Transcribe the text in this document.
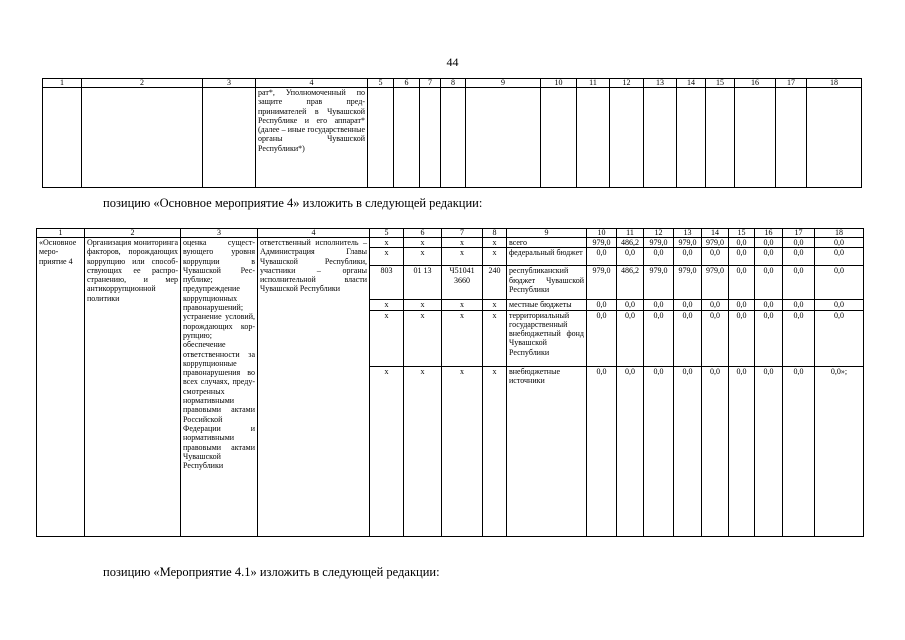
44
1	2	3	4	5	6	7	8	9	10	11	12	13	14	15	16	17	18
			рат*, Уполномоченный по защите прав предпринимателей в Чувашской Республике и его аппарат* (далее – иные государственные органы Чувашской Республики*)														
позицию «Основное мероприятие 4» изложить в следующей редакции:
1	2	3	4	5	6	7	8	9	10	11	12	13	14	15	16	17	18
«Основное мероприятие 4	Организация мониторинга факторов, порождающих коррупцию или способствующих ее распространению, и мер антикоррупционной политики	оценка существующего уровня коррупции в Чувашской Республике; предупреждение коррупционных правонарушений; устранение условий, порождающих коррупцию; обеспечение ответственности за коррупционные правонарушения во всех случаях, предусмотренных нормативными правовыми актами Российской Федерации и нормативными правовыми актами Чувашской Республики	ответственный исполнитель – Администрация Главы Чувашской Республики, участники – органы исполнительной власти Чувашской Республики	x	x	x	x	всего	979,0	486,2	979,0	979,0	979,0	0,0	0,0	0,0	0,0
				x	x	x	x	федеральный бюджет	0,0	0,0	0,0	0,0	0,0	0,0	0,0	0,0	0,0
				803	01 13	Ч51041 3660	240	республиканский бюджет Чувашской Республики	979,0	486,2	979,0	979,0	979,0	0,0	0,0	0,0	0,0
				x	x	x	x	местные бюджеты	0,0	0,0	0,0	0,0	0,0	0,0	0,0	0,0	0,0
				x	x	x	x	территориальный государственный внебюджетный фонд Чувашской Республики	0,0	0,0	0,0	0,0	0,0	0,0	0,0	0,0	0,0
				x	x	x	x	внебюджетные источники	0,0	0,0	0,0	0,0	0,0	0,0	0,0	0,0	0,0»;
позицию «Мероприятие 4.1» изложить в следующей редакции:
